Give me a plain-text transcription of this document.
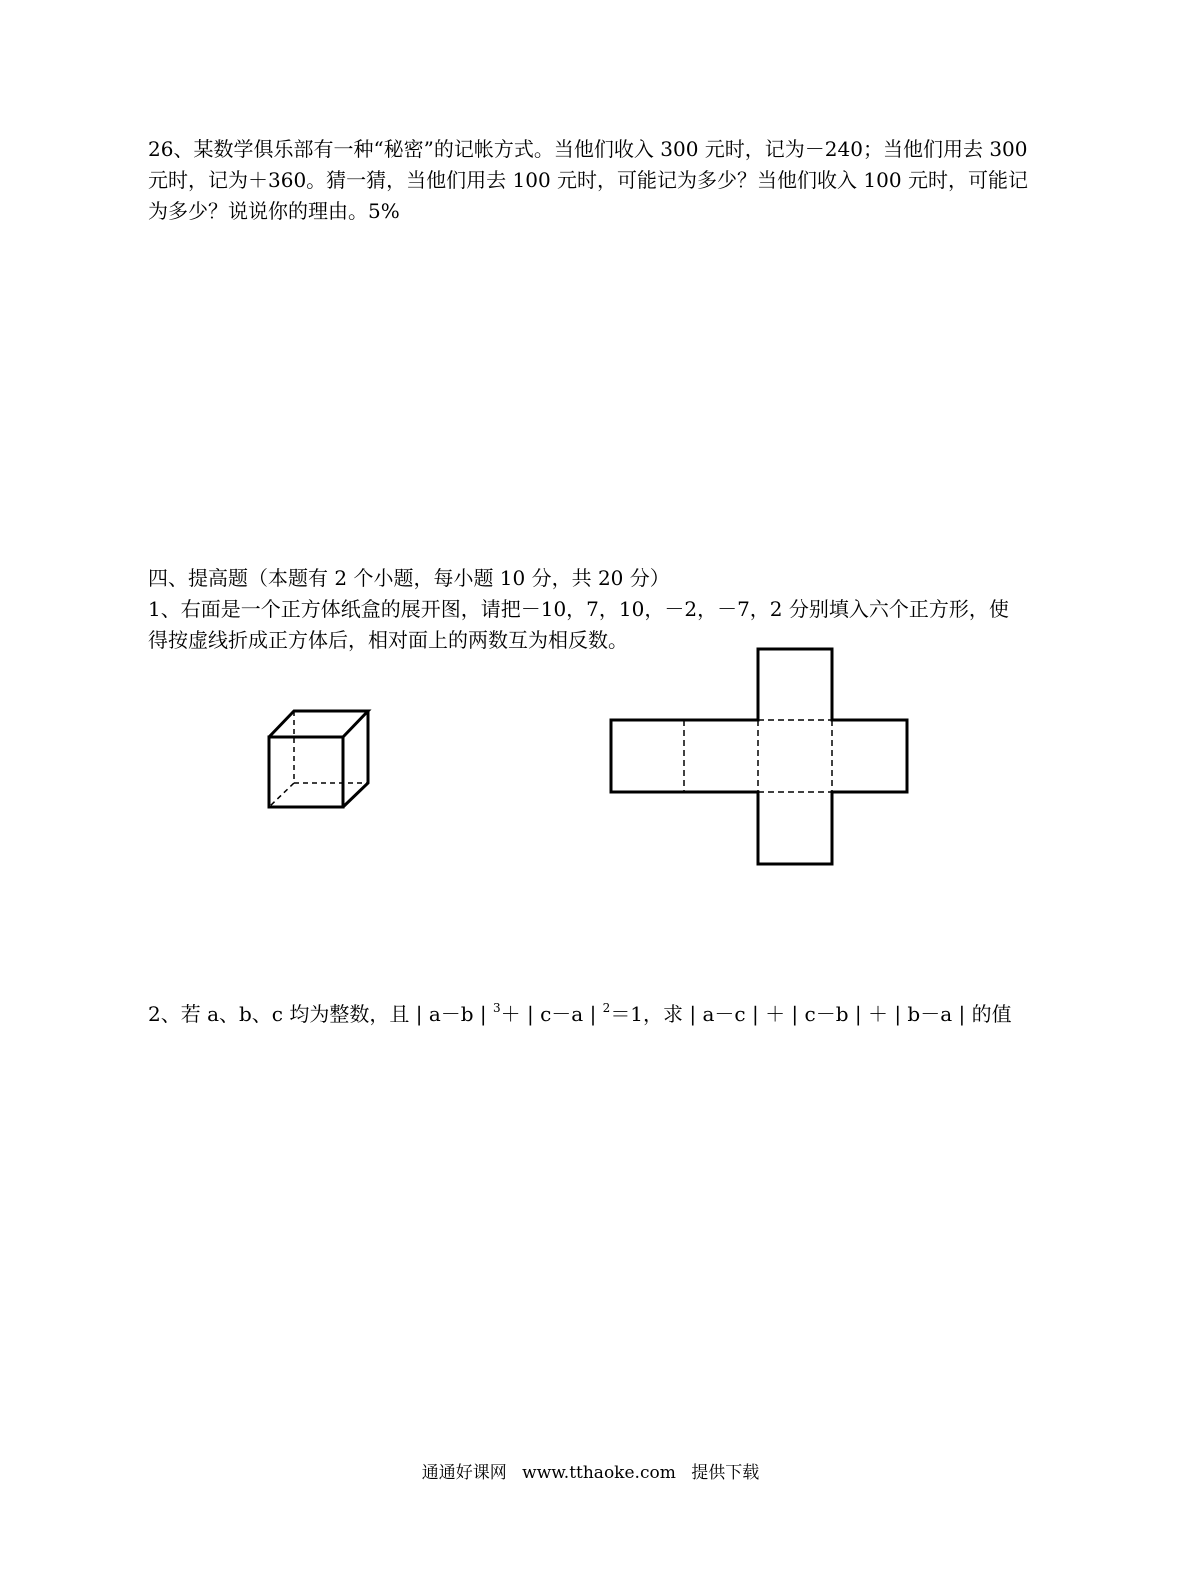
26、某数学俱乐部有一种“秘密”的记帐方式。当他们收入 300 元时，记为－240；当他们用去 300 元时，记为＋360。猜一猜，当他们用去 100 元时，可能记为多少？当他们收入 100 元时，可能记为多少？说说你的理由。5%

四、提高题（本题有 2 个小题，每小题 10 分，共 20 分）

1、右面是一个正方体纸盒的展开图，请把－10，7，10，－2，－7，2 分别填入六个正方形，使得按虚线折成正方体后，相对面上的两数互为相反数。

2、若 a、b、c 均为整数，且 | a－b | $^3$＋ | c－a | $^2$＝1，求 | a－c | ＋ | c－b | ＋ | b－a | 的值

通通好课网 www.tthaoke.com 提供下载
